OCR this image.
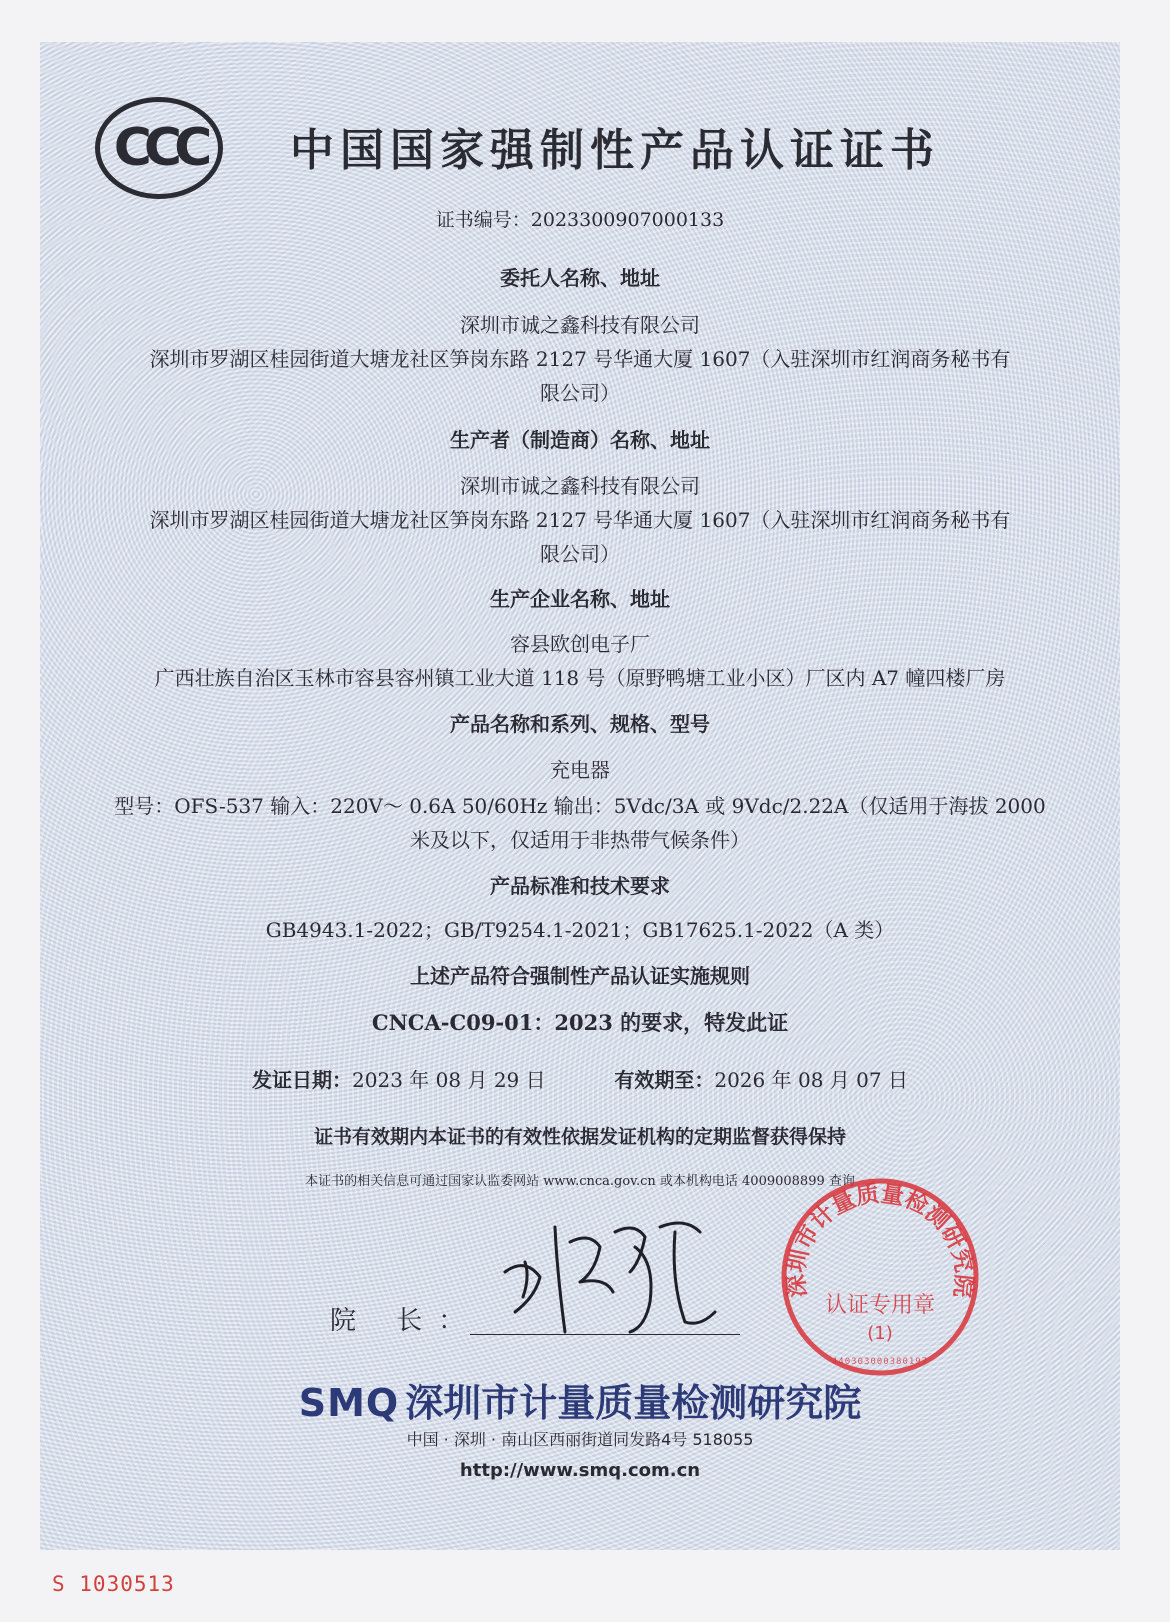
CCC 中国国家强制性产品认证证书
证书编号：2023300907000133
委托人名称、地址
深圳市诚之鑫科技有限公司
深圳市罗湖区桂园街道大塘龙社区笋岗东路 2127 号华通大厦 1607（入驻深圳市红润商务秘书有
限公司）
生产者（制造商）名称、地址
深圳市诚之鑫科技有限公司
深圳市罗湖区桂园街道大塘龙社区笋岗东路 2127 号华通大厦 1607（入驻深圳市红润商务秘书有
限公司）
生产企业名称、地址
容县欧创电子厂
广西壮族自治区玉林市容县容州镇工业大道 118 号（原野鸭塘工业小区）厂区内 A7 幢四楼厂房
产品名称和系列、规格、型号
充电器
型号：OFS-537 输入：220V～ 0.6A 50/60Hz 输出：5Vdc/3A 或 9Vdc/2.22A（仅适用于海拔 2000
米及以下，仅适用于非热带气候条件）
产品标准和技术要求
GB4943.1-2022；GB/T9254.1-2021；GB17625.1-2022（A 类）
上述产品符合强制性产品认证实施规则
CNCA-C09-01：2023 的要求，特发此证
发证日期：2023 年 08 月 29 日	有效期至：2026 年 08 月 07 日
证书有效期内本证书的有效性依据发证机构的定期监督获得保持
本证书的相关信息可通过国家认监委网站 www.cnca.gov.cn 或本机构电话 4009008899 查询
院 长：
深圳市计量质量检测研究院
认证专用章
(1)
440303000380197
SMQ 深圳市计量质量检测研究院
中国 · 深圳 · 南山区西丽街道同发路4号 518055
http://www.smq.com.cn
S 1030513
